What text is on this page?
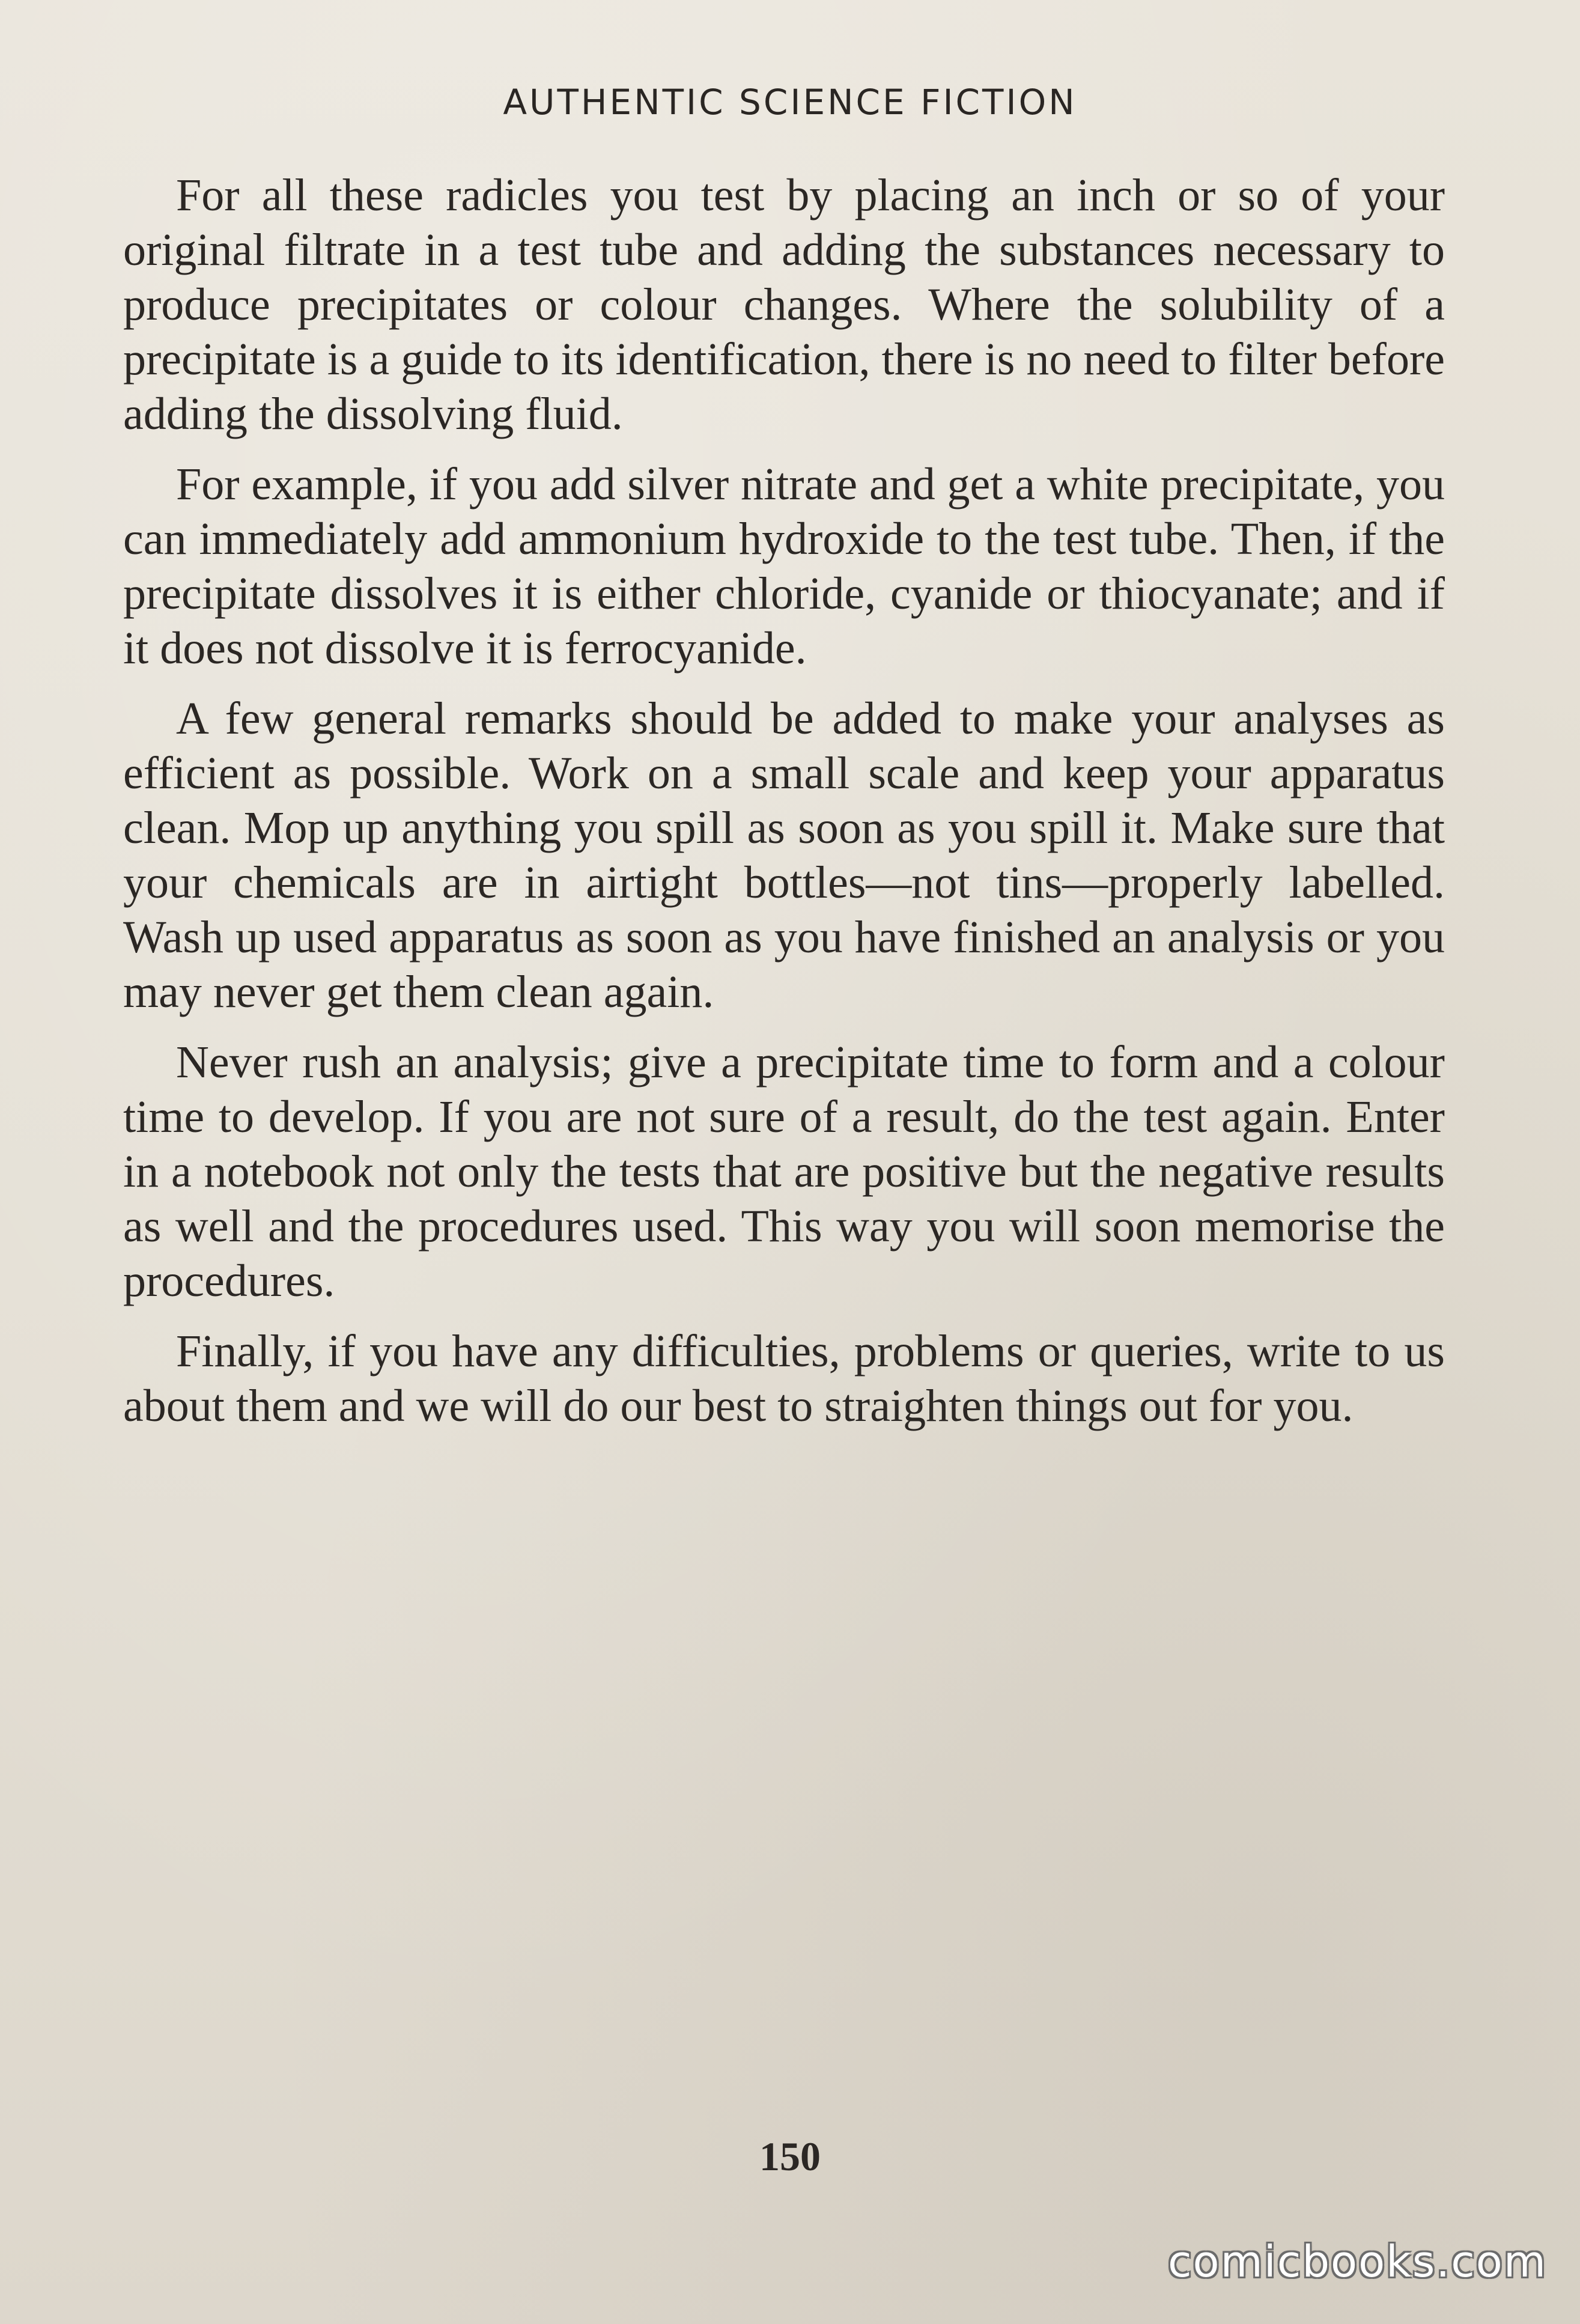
AUTHENTIC SCIENCE FICTION

For all these radicles you test by placing an inch or so of your original filtrate in a test tube and adding the substances necessary to produce precipitates or colour changes. Where the solubility of a precipitate is a guide to its identification, there is no need to filter before adding the dissolving fluid.

For example, if you add silver nitrate and get a white precipitate, you can immediately add ammonium hydroxide to the test tube. Then, if the precipitate dissolves it is either chloride, cyanide or thiocyanate; and if it does not dissolve it is ferrocyanide.

A few general remarks should be added to make your analyses as efficient as possible. Work on a small scale and keep your apparatus clean. Mop up anything you spill as soon as you spill it. Make sure that your chemicals are in airtight bottles—not tins—properly labelled. Wash up used apparatus as soon as you have finished an analysis or you may never get them clean again.

Never rush an analysis; give a precipitate time to form and a colour time to develop. If you are not sure of a result, do the test again. Enter in a notebook not only the tests that are positive but the negative results as well and the procedures used. This way you will soon memorise the procedures.

Finally, if you have any difficulties, problems or queries, write to us about them and we will do our best to straighten things out for you.

150
comicbooks.com
